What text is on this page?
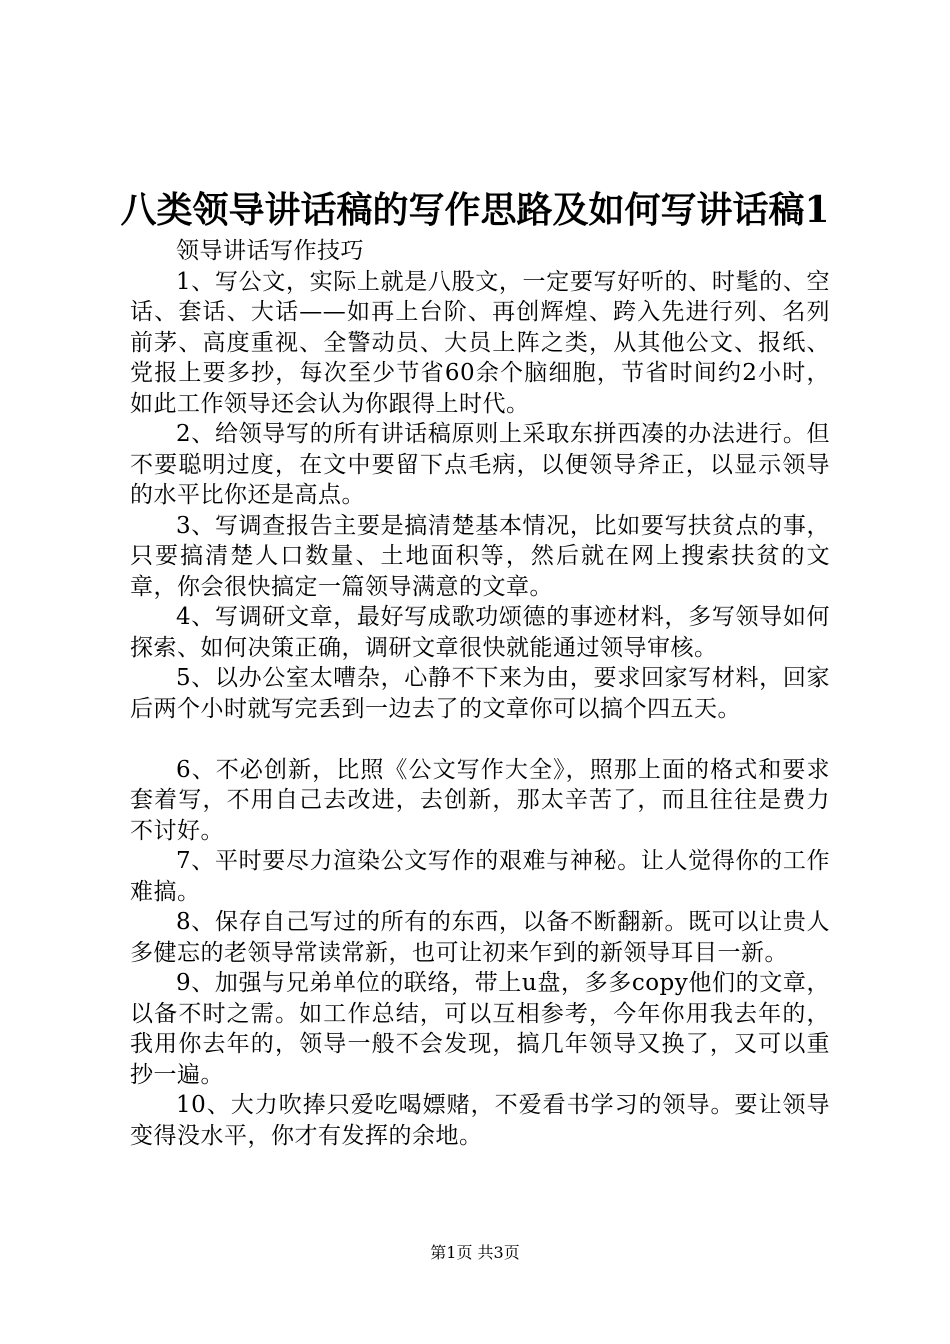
八类领导讲话稿的写作思路及如何写讲话稿1

领导讲话写作技巧

1、写公文，实际上就是八股文，一定要写好听的、时髦的、空话、套话、大话——如再上台阶、再创辉煌、跨入先进行列、名列前茅、高度重视、全警动员、大员上阵之类，从其他公文、报纸、党报上要多抄，每次至少节省60余个脑细胞，节省时间约2小时，如此工作领导还会认为你跟得上时代。

2、给领导写的所有讲话稿原则上采取东拼西凑的办法进行。但不要聪明过度，在文中要留下点毛病，以便领导斧正，以显示领导的水平比你还是高点。

3、写调查报告主要是搞清楚基本情况，比如要写扶贫点的事，只要搞清楚人口数量、土地面积等，然后就在网上搜索扶贫的文章，你会很快搞定一篇领导满意的文章。

4、写调研文章，最好写成歌功颂德的事迹材料，多写领导如何探索、如何决策正确，调研文章很快就能通过领导审核。

5、以办公室太嘈杂，心静不下来为由，要求回家写材料，回家后两个小时就写完丢到一边去了的文章你可以搞个四五天。

6、不必创新，比照《公文写作大全》，照那上面的格式和要求套着写，不用自己去改进，去创新，那太辛苦了，而且往往是费力不讨好。

7、平时要尽力渲染公文写作的艰难与神秘。让人觉得你的工作难搞。

8、保存自己写过的所有的东西，以备不断翻新。既可以让贵人多健忘的老领导常读常新，也可让初来乍到的新领导耳目一新。

9、加强与兄弟单位的联络，带上u盘，多多copy他们的文章，以备不时之需。如工作总结，可以互相参考，今年你用我去年的，我用你去年的，领导一般不会发现，搞几年领导又换了，又可以重抄一遍。

10、大力吹捧只爱吃喝嫖赌，不爱看书学习的领导。要让领导变得没水平，你才有发挥的余地。

第1页 共3页
